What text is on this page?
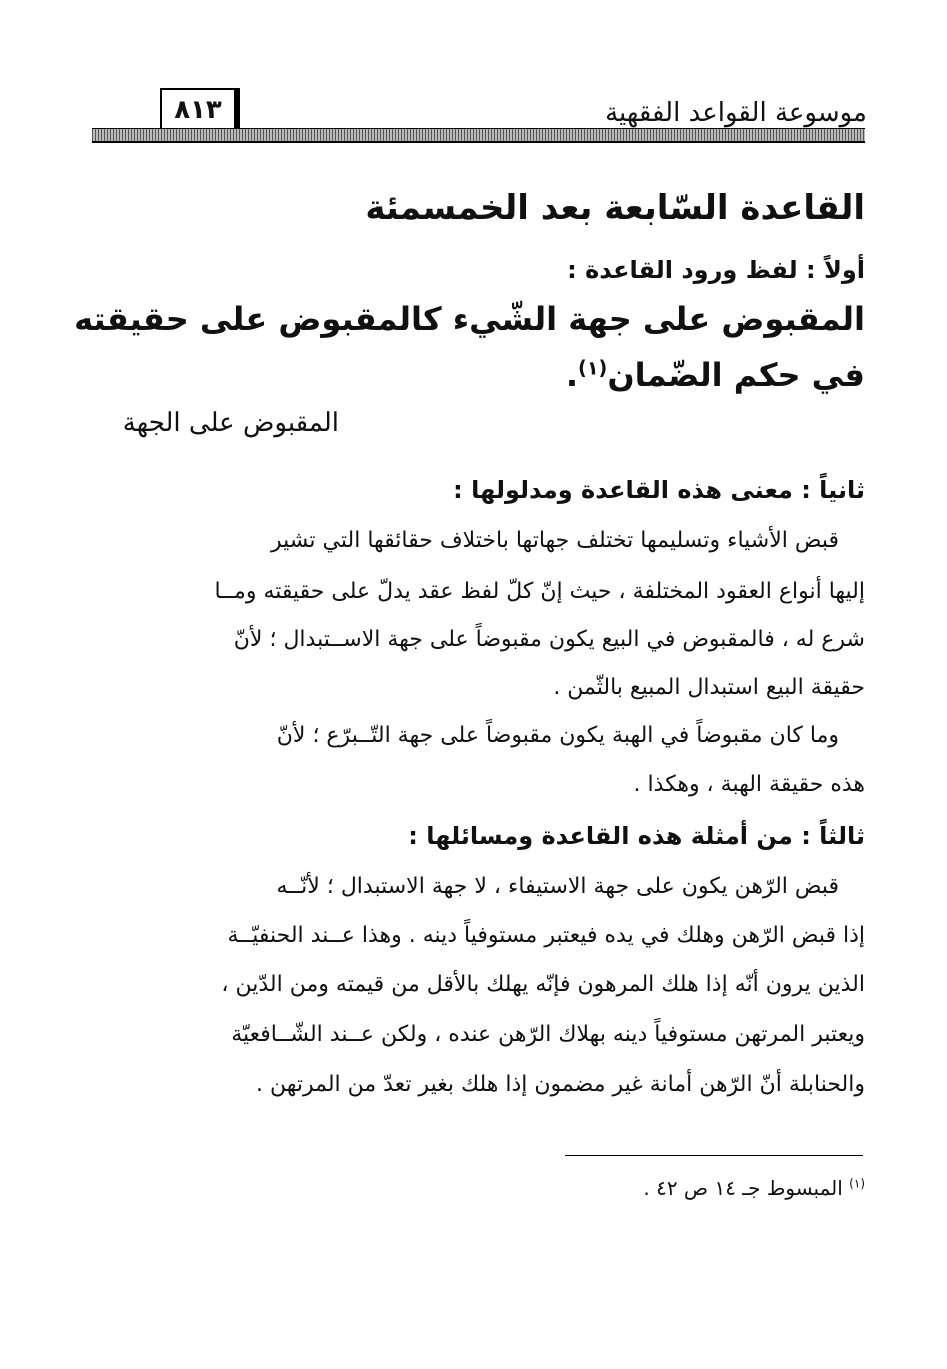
موسوعة القواعد الفقهية
٨١٣
القاعدة السّابعة بعد الخمسمئة
أولاً : لفظ ورود القاعدة :
المقبوض على جهة الشّيء كالمقبوض على حقيقته
في حكم الضّمان$^{(١)}$.
المقبوض على الجهة
ثانياً : معنى هذه القاعدة ومدلولها :
قبض الأشياء وتسليمها تختلف جهاتها باختلاف حقائقها التي تشير
إليها أنواع العقود المختلفة ، حيث إنّ كلّ لفظ عقد يدلّ على حقيقته ومــا
شرع له ، فالمقبوض في البيع يكون مقبوضاً على جهة الاســتبدال ؛ لأنّ
حقيقة البيع استبدال المبيع بالثّمن .
وما كان مقبوضاً في الهبة يكون مقبوضاً على جهة التّــبرّع ؛ لأنّ
هذه حقيقة الهبة ، وهكذا .
ثالثاً : من أمثلة هذه القاعدة ومسائلها :
قبض الرّهن يكون على جهة الاستيفاء ، لا جهة الاستبدال ؛ لأنّــه
إذا قبض الرّهن وهلك في يده فيعتبر مستوفياً دينه . وهذا عــند الحنفيّــة
الذين يرون أنّه إذا هلك المرهون فإنّه يهلك بالأقل من قيمته ومن الدّين ،
ويعتبر المرتهن مستوفياً دينه بهلاك الرّهن عنده ، ولكن عــند الشّــافعيّة
والحنابلة أنّ الرّهن أمانة غير مضمون إذا هلك بغير تعدّ من المرتهن .
$^{(١)}$ المبسوط جـ ١٤ ص ٤٢ .
